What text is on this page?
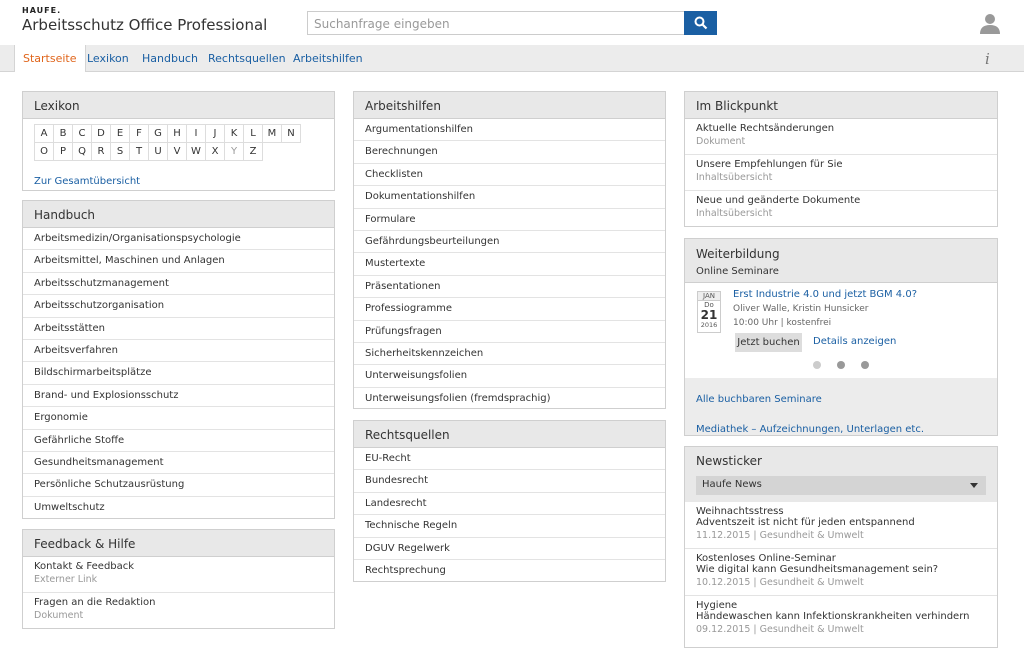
HAUFE.
Arbeitsschutz Office Professional	Suchanfrage eingeben
Startseite Lexikon	Handbuch Rechtsquellen Arbeitshilfen	i
Lexikon
A	B	C	D	E	F	G	H	I	J	K	L	M	N
O	P	Q	R	S	T	U	V	W	X	Y	Z
Zur Gesamtübersicht
Handbuch
Arbeitsmedizin/Organisationspsychologie
Arbeitsmittel, Maschinen und Anlagen
Arbeitsschutzmanagement
Arbeitsschutzorganisation
Arbeitsstätten
Arbeitsverfahren
Bildschirmarbeitsplätze
Brand- und Explosionsschutz
Ergonomie
Gefährliche Stoffe
Gesundheitsmanagement
Persönliche Schutzausrüstung
Umweltschutz
Feedback & Hilfe
Kontakt & Feedback
Externer Link
Fragen an die Redaktion
Dokument
Arbeitshilfen
Argumentationshilfen
Berechnungen
Checklisten
Dokumentationshilfen
Formulare
Gefährdungsbeurteilungen
Mustertexte
Präsentationen
Professiogramme
Prüfungsfragen
Sicherheitskennzeichen
Unterweisungsfolien
Unterweisungsfolien (fremdsprachig)
Rechtsquellen
EU-Recht
Bundesrecht
Landesrecht
Technische Regeln
DGUV Regelwerk
Rechtsprechung
Im Blickpunkt
Aktuelle Rechtsänderungen
Dokument
Unsere Empfehlungen für Sie
Inhaltsübersicht
Neue und geänderte Dokumente
Inhaltsübersicht
Weiterbildung
Online Seminare
JAN
Do
21
2016
Erst Industrie 4.0 und jetzt BGM 4.0?
Oliver Walle, Kristin Hunsicker
10:00 Uhr | kostenfrei
Jetzt buchen Details anzeigen
Alle buchbaren Seminare
Mediathek – Aufzeichnungen, Unterlagen etc.
Newsticker
Haufe News
Weihnachtsstress
Adventszeit ist nicht für jeden entspannend
11.12.2015 | Gesundheit & Umwelt
Kostenloses Online-Seminar
Wie digital kann Gesundheitsmanagement sein?
10.12.2015 | Gesundheit & Umwelt
Hygiene
Händewaschen kann Infektionskrankheiten verhindern
09.12.2015 | Gesundheit & Umwelt
